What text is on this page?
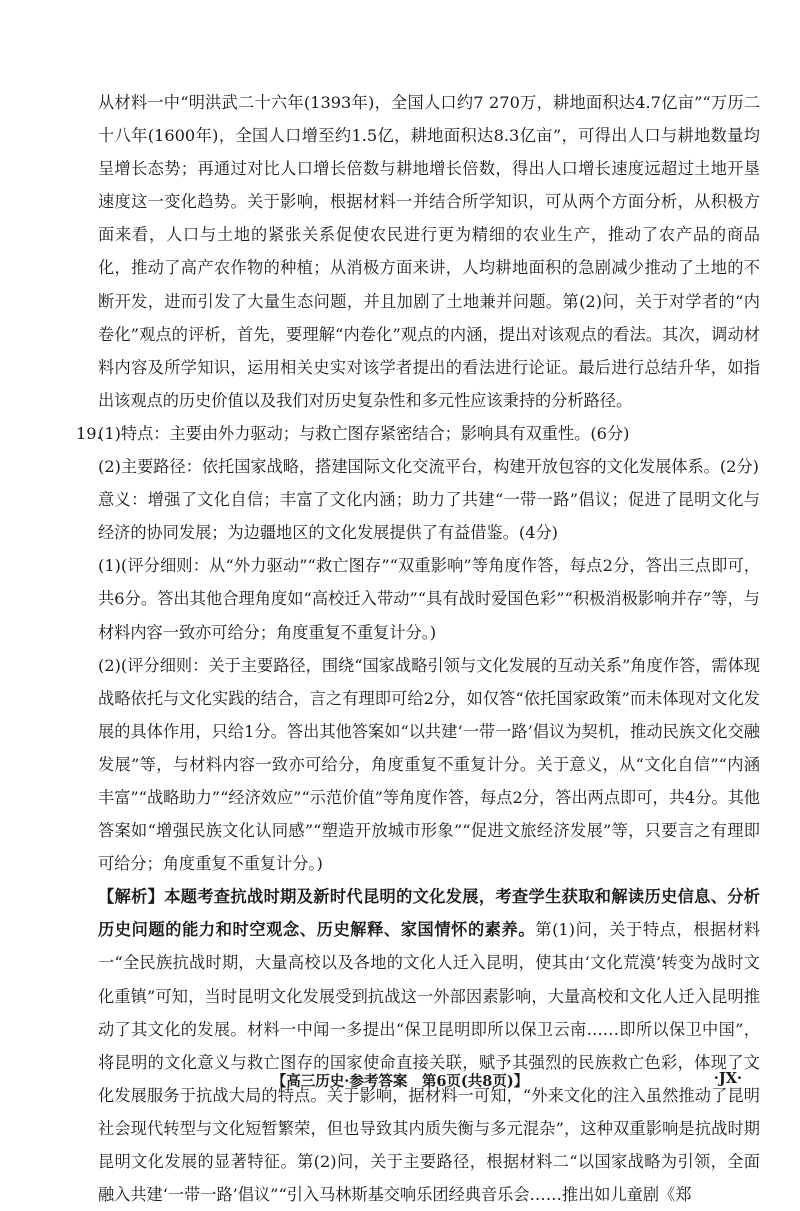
从材料一中“明洪武二十六年(1393年)，全国人口约7 270万，耕地面积达4.7亿亩”“万历二十八年(1600年)，全国人口增至约1.5亿，耕地面积达8.3亿亩”，可得出人口与耕地数量均呈增长态势；再通过对比人口增长倍数与耕地增长倍数，得出人口增长速度远超过土地开垦速度这一变化趋势。关于影响，根据材料一并结合所学知识，可从两个方面分析，从积极方面来看，人口与土地的紧张关系促使农民进行更为精细的农业生产，推动了农产品的商品化，推动了高产农作物的种植；从消极方面来讲，人均耕地面积的急剧减少推动了土地的不断开发，进而引发了大量生态问题，并且加剧了土地兼并问题。第(2)问，关于对学者的“内卷化”观点的评析，首先，要理解“内卷化”观点的内涵，提出对该观点的看法。其次，调动材料内容及所学知识，运用相关史实对该学者提出的看法进行论证。最后进行总结升华，如指出该观点的历史价值以及我们对历史复杂性和多元性应该秉持的分析路径。

19.

(1)特点：主要由外力驱动；与救亡图存紧密结合；影响具有双重性。(6分)

(2)主要路径：依托国家战略，搭建国际文化交流平台，构建开放包容的文化发展体系。(2分)

意义：增强了文化自信；丰富了文化内涵；助力了共建“一带一路”倡议；促进了昆明文化与经济的协同发展；为边疆地区的文化发展提供了有益借鉴。(4分)

(1)(评分细则：从“外力驱动”“救亡图存”“双重影响”等角度作答，每点2分，答出三点即可，共6分。答出其他合理角度如“高校迁入带动”“具有战时爱国色彩”“积极消极影响并存”等，与材料内容一致亦可给分；角度重复不重复计分。)

(2)(评分细则：关于主要路径，围绕“国家战略引领与文化发展的互动关系”角度作答，需体现战略依托与文化实践的结合，言之有理即可给2分，如仅答“依托国家政策”而未体现对文化发展的具体作用，只给1分。答出其他答案如“以共建‘一带一路’倡议为契机，推动民族文化交融发展”等，与材料内容一致亦可给分，角度重复不重复计分。关于意义，从“文化自信”“内涵丰富”“战略助力”“经济效应”“示范价值”等角度作答，每点2分，答出两点即可，共4分。其他答案如“增强民族文化认同感”“塑造开放城市形象”“促进文旅经济发展”等，只要言之有理即可给分；角度重复不重复计分。)

【解析】本题考查抗战时期及新时代昆明的文化发展，考查学生获取和解读历史信息、分析历史问题的能力和时空观念、历史解释、家国情怀的素养。第(1)问，关于特点，根据材料一“全民族抗战时期，大量高校以及各地的文化人迁入昆明，使其由‘文化荒漠’转变为战时文化重镇”可知，当时昆明文化发展受到抗战这一外部因素影响，大量高校和文化人迁入昆明推动了其文化的发展。材料一中闻一多提出“保卫昆明即所以保卫云南……即所以保卫中国”，将昆明的文化意义与救亡图存的国家使命直接关联，赋予其强烈的民族救亡色彩，体现了文化发展服务于抗战大局的特点。关于影响，据材料一可知，“外来文化的注入虽然推动了昆明社会现代转型与文化短暂繁荣，但也导致其内质失衡与多元混杂”，这种双重影响是抗战时期昆明文化发展的显著特征。第(2)问，关于主要路径，根据材料二“以国家战略为引领，全面融入共建‘一带一路’倡议”“引入马林斯基交响乐团经典音乐会……推出如儿童剧《郑

【高三历史·参考答案　第6页(共8页)】	·JX·
